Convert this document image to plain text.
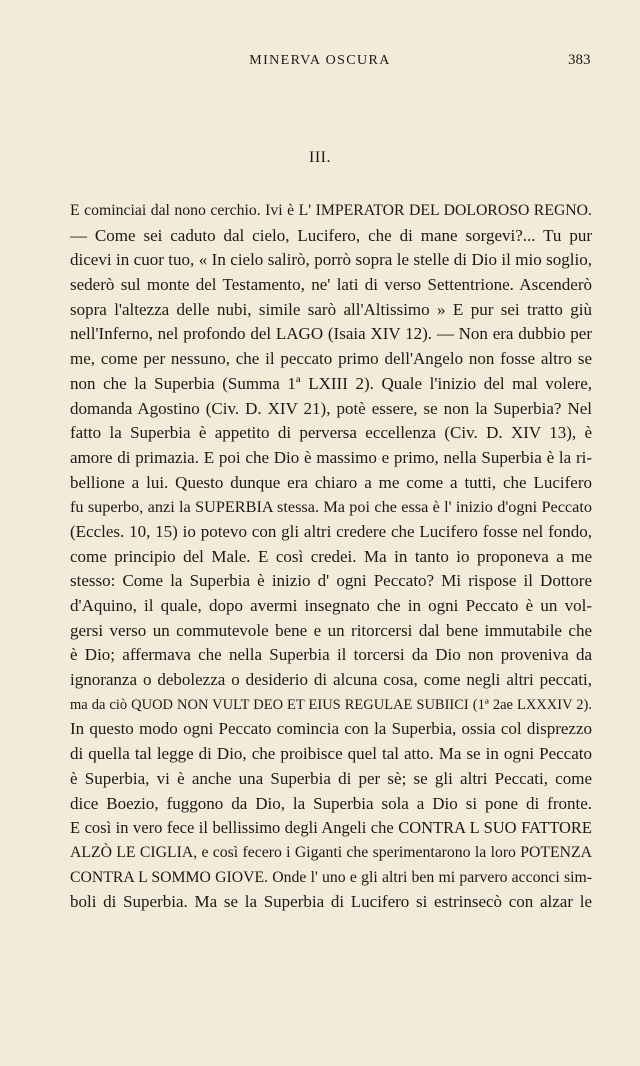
MINERVA OSCURA	383
III.
E cominciai dal nono cerchio. Ivi è L' IMPERATOR DEL DOLOROSO REGNO.
— Come sei caduto dal cielo, Lucifero, che di mane sorgevi?... Tu pur
dicevi in cuor tuo, « In cielo salirò, porrò sopra le stelle di Dio il mio soglio,
sederò sul monte del Testamento, ne' lati di verso Settentrione. Ascenderò
sopra l'altezza delle nubi, simile sarò all'Altissimo » E pur sei tratto giù
nell'Inferno, nel profondo del LAGO (Isaia XIV 12). — Non era dubbio per
me, come per nessuno, che il peccato primo dell'Angelo non fosse altro se
non che la Superbia (Summa 1ª LXIII 2). Quale l'inizio del mal volere,
domanda Agostino (Civ. D. XIV 21), potè essere, se non la Superbia? Nel
fatto la Superbia è appetito di perversa eccellenza (Civ. D. XIV 13), è
amore di primazia. E poi che Dio è massimo e primo, nella Superbia è la ri-
bellione a lui. Questo dunque era chiaro a me come a tutti, che Lucifero
fu superbo, anzi la SUPERBIA stessa. Ma poi che essa è l' inizio d'ogni Peccato
(Eccles. 10, 15) io potevo con gli altri credere che Lucifero fosse nel fondo,
come principio del Male. E così credei. Ma in tanto io proponeva a me
stesso: Come la Superbia è inizio d' ogni Peccato? Mi rispose il Dottore
d'Aquino, il quale, dopo avermi insegnato che in ogni Peccato è un vol-
gersi verso un commutevole bene e un ritorcersi dal bene immutabile che
è Dio; affermava che nella Superbia il torcersi da Dio non proveniva da
ignoranza o debolezza o desiderio di alcuna cosa, come negli altri peccati,
ma da ciò QUOD NON VULT DEO ET EIUS REGULAE SUBIICI (1ª 2ae LXXXIV 2).
In questo modo ogni Peccato comincia con la Superbia, ossia col disprezzo
di quella tal legge di Dio, che proibisce quel tal atto. Ma se in ogni Peccato
è Superbia, vi è anche una Superbia di per sè; se gli altri Peccati, come
dice Boezio, fuggono da Dio, la Superbia sola a Dio si pone di fronte.
E così in vero fece il bellissimo degli Angeli che CONTRA L SUO FATTORE
ALZÒ LE CIGLIA, e così fecero i Giganti che sperimentarono la loro POTENZA
CONTRA L SOMMO GIOVE. Onde l' uno e gli altri ben mi parvero acconci sim-
boli di Superbia. Ma se la Superbia di Lucifero si estrinsecò con alzar le
